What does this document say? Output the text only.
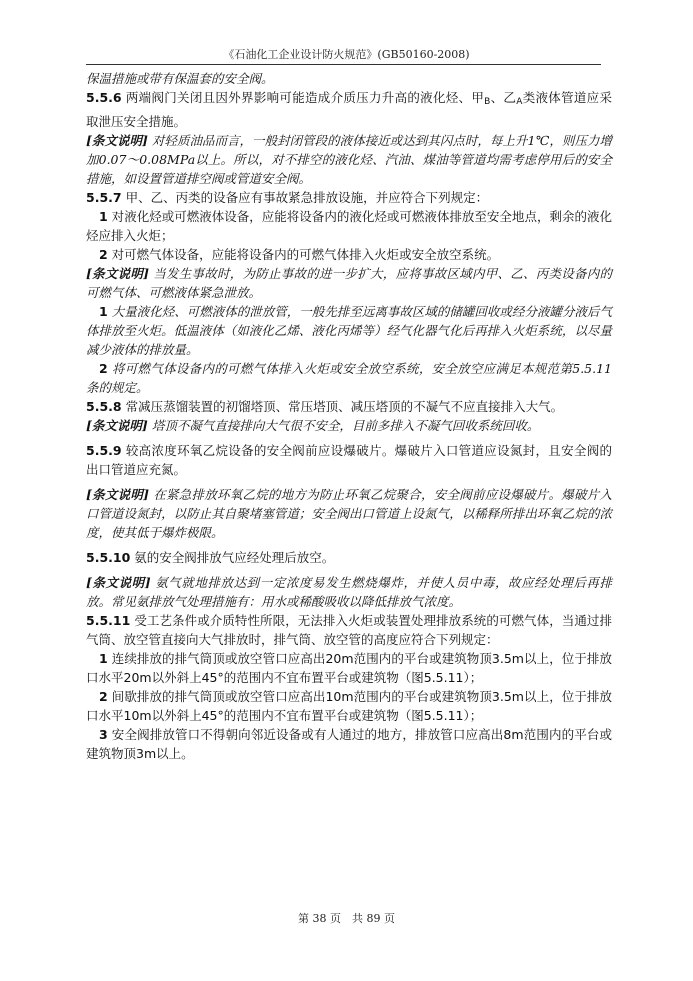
《石油化工企业设计防火规范》(GB50160-2008)

保温措施或带有保温套的安全阀。

5.5.6 两端阀门关闭且因外界影响可能造成介质压力升高的液化烃、甲$_B$、乙$_A$类液体管道应采取泄压安全措施。

[条文说明] 对轻质油品而言，一般封闭管段的液体接近或达到其闪点时，每上升1℃，则压力增加0.07～0.08MPa以上。所以，对不排空的液化烃、汽油、煤油等管道均需考虑停用后的安全措施，如设置管道排空阀或管道安全阀。

5.5.7 甲、乙、丙类的设备应有事故紧急排放设施，并应符合下列规定：

1 对液化烃或可燃液体设备，应能将设备内的液化烃或可燃液体排放至安全地点，剩余的液化烃应排入火炬；

2 对可燃气体设备，应能将设备内的可燃气体排入火炬或安全放空系统。

[条文说明] 当发生事故时，为防止事故的进一步扩大，应将事故区域内甲、乙、丙类设备内的可燃气体、可燃液体紧急泄放。

1 大量液化烃、可燃液体的泄放管，一般先排至远离事故区域的储罐回收或经分液罐分液后气体排放至火炬。低温液体（如液化乙烯、液化丙烯等）经气化器气化后再排入火炬系统，以尽量减少液体的排放量。

2 将可燃气体设备内的可燃气体排入火炬或安全放空系统，安全放空应满足本规范第5.5.11条的规定。

5.5.8 常减压蒸馏装置的初馏塔顶、常压塔顶、减压塔顶的不凝气不应直接排入大气。

[条文说明] 塔顶不凝气直接排向大气很不安全，目前多排入不凝气回收系统回收。

5.5.9 较高浓度环氧乙烷设备的安全阀前应设爆破片。爆破片入口管道应设氮封，且安全阀的出口管道应充氮。

[条文说明] 在紧急排放环氧乙烷的地方为防止环氧乙烷聚合，安全阀前应设爆破片。爆破片入口管道设氮封，以防止其自聚堵塞管道；安全阀出口管道上设氮气，以稀释所排出环氧乙烷的浓度，使其低于爆炸极限。

5.5.10 氨的安全阀排放气应经处理后放空。

[条文说明] 氨气就地排放达到一定浓度易发生燃烧爆炸，并使人员中毒，故应经处理后再排放。常见氨排放气处理措施有：用水或稀酸吸收以降低排放气浓度。

5.5.11 受工艺条件或介质特性所限，无法排入火炬或装置处理排放系统的可燃气体，当通过排气筒、放空管直接向大气排放时，排气筒、放空管的高度应符合下列规定：

1 连续排放的排气筒顶或放空管口应高出20m范围内的平台或建筑物顶3.5m以上，位于排放口水平20m以外斜上45°的范围内不宜布置平台或建筑物（图5.5.11）；

2 间歇排放的排气筒顶或放空管口应高出10m范围内的平台或建筑物顶3.5m以上，位于排放口水平10m以外斜上45°的范围内不宜布置平台或建筑物（图5.5.11）；

3 安全阀排放管口不得朝向邻近设备或有人通过的地方，排放管口应高出8m范围内的平台或建筑物顶3m以上。

第 38 页　共 89 页
